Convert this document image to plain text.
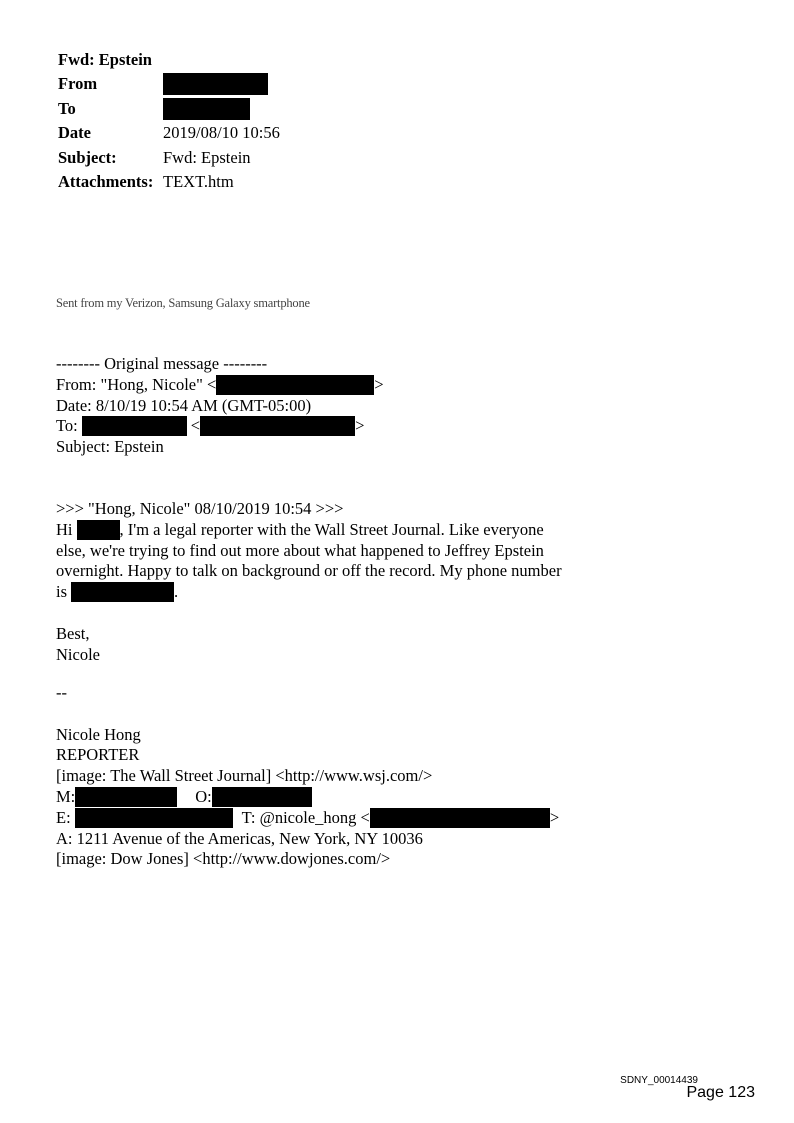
Fwd: Epstein
From
To
Date	2019/08/10 10:56
Subject:	Fwd: Epstein
Attachments: TEXT.htm
Sent from my Verizon, Samsung Galaxy smartphone
-------- Original message --------
From: "Hong, Nicole" <	>
Date: 8/10/19 10:54 AM (GMT-05:00)
To:	<	>
Subject: Epstein
>>> "Hong, Nicole" 08/10/2019 10:54 >>>
Hi	, I'm a legal reporter with the Wall Street Journal. Like everyone
else, we're trying to find out more about what happened to Jeffrey Epstein
overnight. Happy to talk on background or off the record. My phone number
is	.
Best,
Nicole
--
Nicole Hong
REPORTER
[image: The Wall Street Journal] <http://www.wsj.com/>
M:	O:
E:	T: @nicole_hong <	>
A: 1211 Avenue of the Americas, New York, NY 10036
[image: Dow Jones] <http://www.dowjones.com/>
SDNY_00014439
Page 123
